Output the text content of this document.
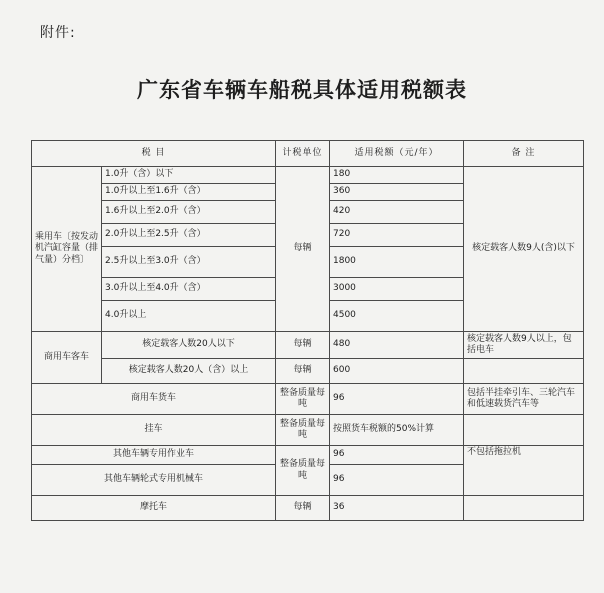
附件:
广东省车辆车船税具体适用税额表
税 目		计税单位	适用税额（元/年）	备 注
乘用车〔按发动机汽缸容量（排气量）分档〕	1.0升（含）以下	每辆	180	核定载客人数9人(含)以下
	1.0升以上至1.6升（含）		360	
	1.6升以上至2.0升（含）		420	
	2.0升以上至2.5升（含）		720	
	2.5升以上至3.0升（含）		1800	
	3.0升以上至4.0升（含）		3000	
	4.0升以上		4500	
商用车客车	核定载客人数20人以下	每辆	480	核定载客人数9人以上，包括电车
	核定载客人数20人（含）以上	每辆	600	
商用车货车		整备质量每吨	96	包括半挂牵引车、三轮汽车和低速载货汽车等
挂车		整备质量每吨	按照货车税额的50%计算	
其他车辆专用作业车		整备质量每吨	96	不包括拖拉机
其他车辆轮式专用机械车			96	
摩托车		每辆	36	
